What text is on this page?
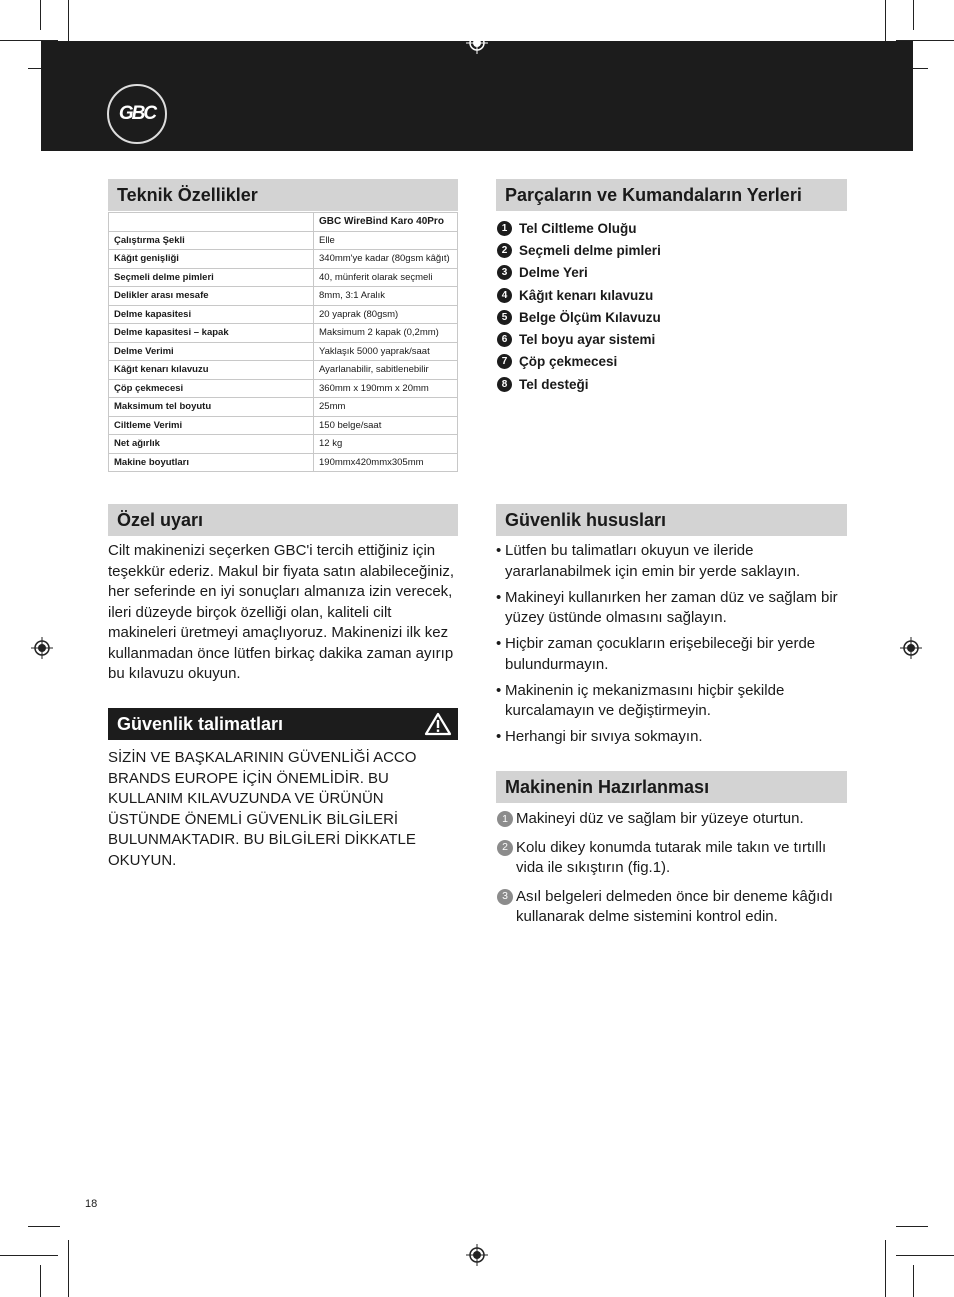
GBC
Teknik Özellikler
	GBC WireBind Karo 40Pro
Çalıştırma Şekli	Elle
Kâğıt genişliği	340mm'ye kadar (80gsm kâğıt)
Seçmeli delme pimleri	40, münferit olarak seçmeli
Delikler arası mesafe	8mm, 3:1 Aralık
Delme kapasitesi	20 yaprak (80gsm)
Delme kapasitesi – kapak	Maksimum 2 kapak (0,2mm)
Delme Verimi	Yaklaşık 5000 yaprak/saat
Kâğıt kenarı kılavuzu	Ayarlanabilir, sabitlenebilir
Çöp çekmecesi	360mm x 190mm x 20mm
Maksimum tel boyutu	25mm
Ciltleme Verimi	150 belge/saat
Net ağırlık	12 kg
Makine boyutları	190mmx420mmx305mm
Parçaların ve Kumandaların Yerleri
1 Tel Ciltleme Oluğu
2 Seçmeli delme pimleri
3 Delme Yeri
4 Kâğıt kenarı kılavuzu
5 Belge Ölçüm Kılavuzu
6 Tel boyu ayar sistemi
7 Çöp çekmecesi
8 Tel desteği
Özel uyarı
Cilt makinenizi seçerken GBC'i tercih ettiğiniz için teşekkür ederiz. Makul bir fiyata satın alabileceğiniz, her seferinde en iyi sonuçları almanıza izin verecek, ileri düzeyde birçok özelliği olan, kaliteli cilt makineleri üretmeyi amaçlıyoruz. Makinenizi ilk kez kullanmadan önce lütfen birkaç dakika zaman ayırıp bu kılavuzu okuyun.
Güvenlik talimatları
SİZİN VE BAŞKALARININ GÜVENLİĞİ ACCO BRANDS EUROPE İÇİN ÖNEMLİDİR. BU KULLANIM KILAVUZUNDA VE ÜRÜNÜN ÜSTÜNDE ÖNEMLİ GÜVENLİK BİLGİLERİ BULUNMAKTADIR. BU BİLGİLERİ DİKKATLE OKUYUN.
Güvenlik hususları
• Lütfen bu talimatları okuyun ve ileride yararlanabilmek için emin bir yerde saklayın.
• Makineyi kullanırken her zaman düz ve sağlam bir yüzey üstünde olmasını sağlayın.
• Hiçbir zaman çocukların erişebileceği bir yerde bulundurmayın.
• Makinenin iç mekanizmasını hiçbir şekilde kurcalamayın ve değiştirmeyin.
• Herhangi bir sıvıya sokmayın.
Makinenin Hazırlanması
1 Makineyi düz ve sağlam bir yüzeye oturtun.
2 Kolu dikey konumda tutarak mile takın ve tırtıllı vida ile sıkıştırın (fig.1).
3 Asıl belgeleri delmeden önce bir deneme kâğıdı kullanarak delme sistemini kontrol edin.
18
